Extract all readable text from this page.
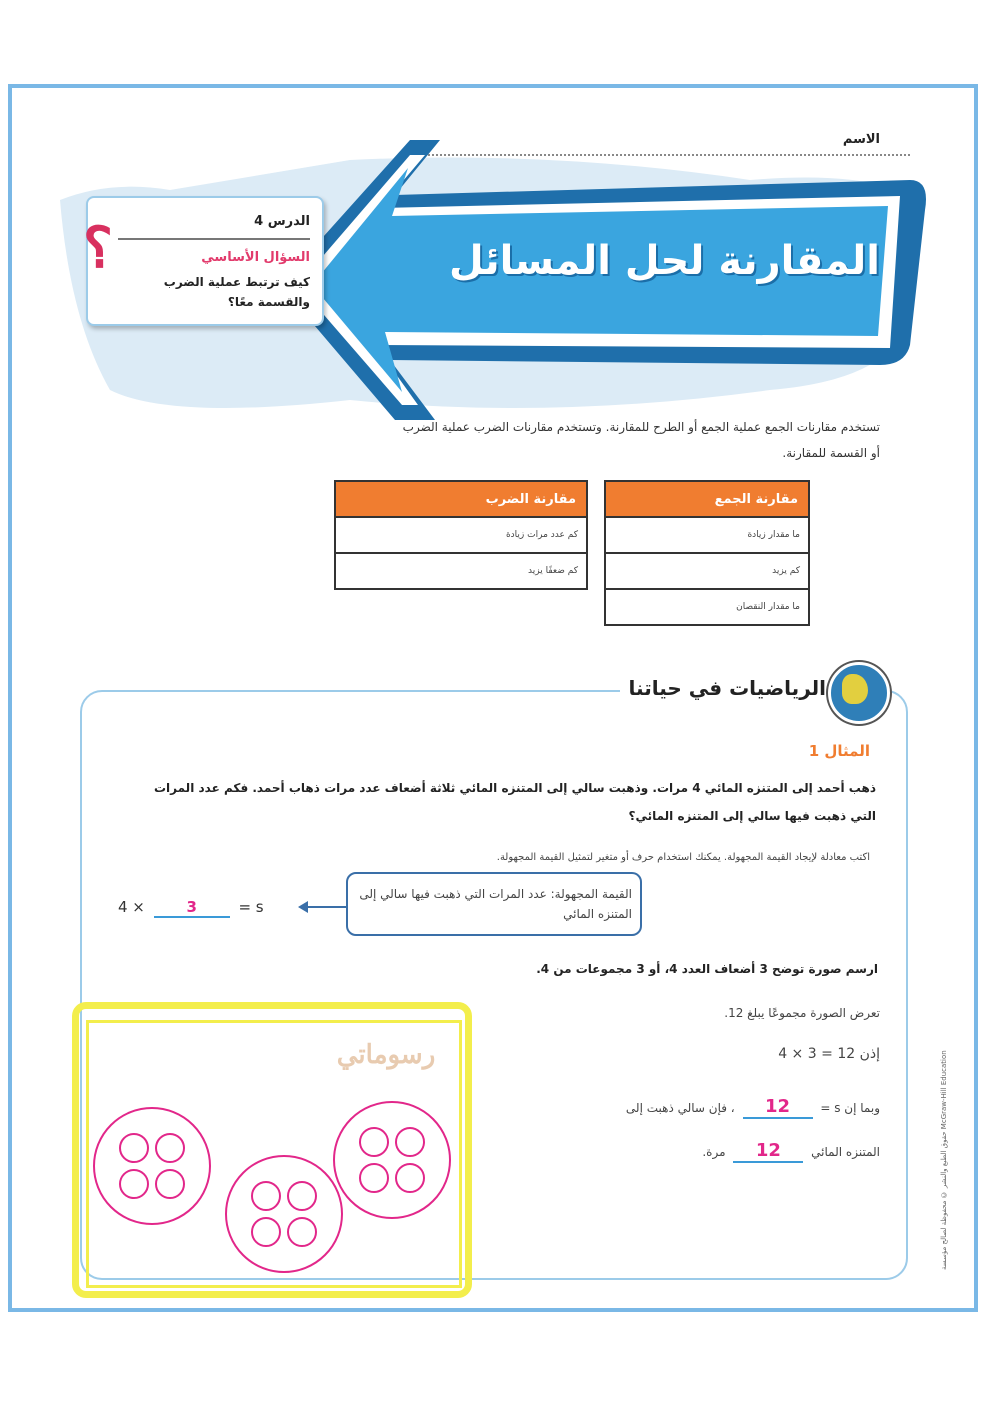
الاسم
المقارنة لحل المسائل
الدرس 4
السؤال الأساسي
كيف ترتبط عملية الضرب والقسمة معًا؟
؟
تستخدم مقارنات الجمع عملية الجمع أو الطرح للمقارنة. وتستخدم مقارنات الضرب عملية الضرب أو القسمة للمقارنة.
مقارنة الجمع
ما مقدار زيادة
كم يزيد
ما مقدار النقصان
مقارنة الضرب
كم عدد مرات زيادة
كم ضعفًا يزيد
الرياضيات في حياتنا
المثال 1
ذهب أحمد إلى المتنزه المائي 4 مرات. وذهبت سالي إلى المتنزه المائي ثلاثة أضعاف عدد مرات ذهاب أحمد. فكم عدد المرات التي ذهبت فيها سالي إلى المتنزه المائي؟
اكتب معادلة لإيجاد القيمة المجهولة. يمكنك استخدام حرف أو متغير لتمثيل القيمة المجهولة.
القيمة المجهولة: عدد المرات التي ذهبت فيها سالي إلى المتنزه المائي
4 ×	3	= s
ارسم صورة توضح 3 أضعاف العدد 4، أو 3 مجموعات من 4.
تعرض الصورة مجموعًا يبلغ 12.
إذن 12 = 3 × 4
وبما إن s = 12 ، فإن سالي ذهبت إلى
المتنزه المائي 12 مرة.
رسوماتي
حقوق الطبع والنشر © محفوظة لصالح مؤسسة McGraw-Hill Education
